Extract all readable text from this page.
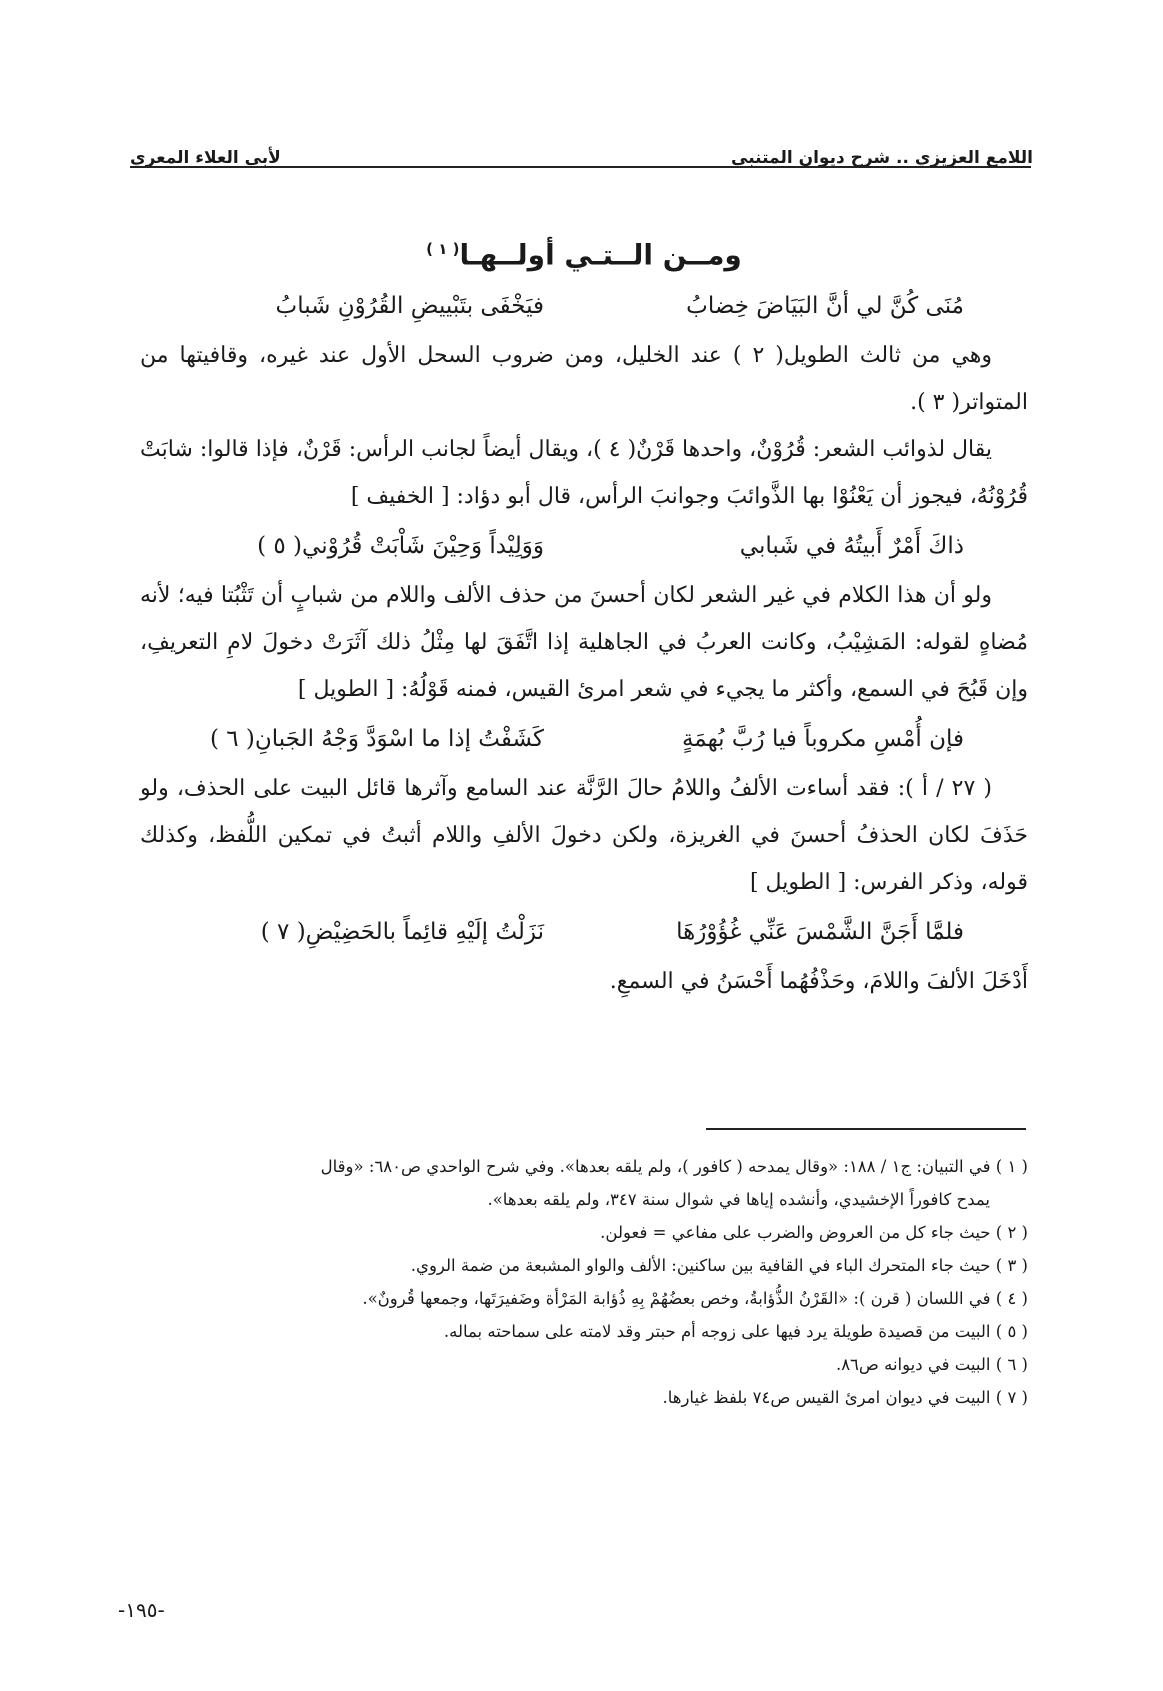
لأبي العلاء المعري	اللامع العزيزي .. شرح ديوان المتنبي
ومــن الــتـي أولــهـا$^{( ١ )}$
مُنَى كُنَّ لي أنَّ البَيَاضَ خِضابُ
فيَخْفَى بتَبْييضِ القُرُوْنِ شَبابُ

وهي من ثالث الطويل( ٢ ) عند الخليل، ومن ضروب السحل الأول عند غيره، وقافيتها من المتواتر( ٣ ).

يقال لذوائب الشعر: قُرُوْنٌ، واحدها قَرْنٌ( ٤ )، ويقال أيضاً لجانب الرأس: قَرْنٌ، فإذا قالوا: شابَتْ قُرُوْنُهُ، فيجوز أن يَعْنُوْا بها الذَّوائبَ وجوانبَ الرأس، قال أبو دؤاد: [ الخفيف ]

ذاكَ أَمْرٌ أَبيتُهُ في شَبابي
وَوَلِيْداً وَحِيْنَ شَاْبَتْ قُرُوْني( ٥ )

ولو أن هذا الكلام في غير الشعر لكان أحسنَ من حذف الألف واللام من شبابٍ أن تَثْبُتا فيه؛ لأنه مُضاهٍ لقوله: المَشِيْبُ، وكانت العربُ في الجاهلية إذا اتَّفَقَ لها مِثْلُ ذلك آثَرَتْ دخولَ لامِ التعريفِ، وإن قَبُحَ في السمع، وأكثر ما يجيء في شعر امرئ القيس، فمنه قَوْلُهُ: [ الطويل ]

فإن أُمْسِ مكروباً فيا رُبَّ بُهمَةٍ
كَشَفْتُ إذا ما اسْوَدَّ وَجْهُ الجَبانِ( ٦ )

( ٢٧ / أ ): فقد أساءت الألفُ واللامُ حالَ الرَّنَّة عند السامع وآثرها قائل البيت على الحذف، ولو حَذَفَ لكان الحذفُ أحسنَ في الغريزة، ولكن دخولَ الألفِ واللام أثبتُ في تمكين اللُّفظ، وكذلك قوله، وذكر الفرس: [ الطويل ]

فلمَّا أَجَنَّ الشَّمْسَ عَنِّي غُؤُوْرُهَا
نَزَلْتُ إلَيْهِ قائِماً بالحَضِيْضِ( ٧ )

أَدْخَلَ الألفَ واللامَ، وحَذْفُهُما أَحْسَنُ في السمعِ.

( ١ ) في التبيان: ج١ / ١٨٨: «وقال يمدحه ( كافور )، ولم يلقه بعدها». وفي شرح الواحدي ص٦٨٠: «وقال

يمدح كافوراً الإخشيدي، وأنشده إياها في شوال سنة ٣٤٧، ولم يلقه بعدها».

( ٢ ) حيث جاء كل من العروض والضرب على مفاعي = فعولن.

( ٣ ) حيث جاء المتحرك الباء في القافية بين ساكنين: الألف والواو المشبعة من ضمة الروي.

( ٤ ) في اللسان ( قرن ): «القَرْنُ الذُّؤابةُ، وخص بعضُهُمْ بِهِ ذُؤابة المَرْأة وضَفيرَتَها، وجمعها قُرونٌ».

( ٥ ) البيت من قصيدة طويلة يرد فيها على زوجه أم حبتر وقد لامته على سماحته بماله.

( ٦ ) البيت في ديوانه ص٨٦.

( ٧ ) البيت في ديوان امرئ القيس ص٧٤ بلفظ غيارها.

-١٩٥-
